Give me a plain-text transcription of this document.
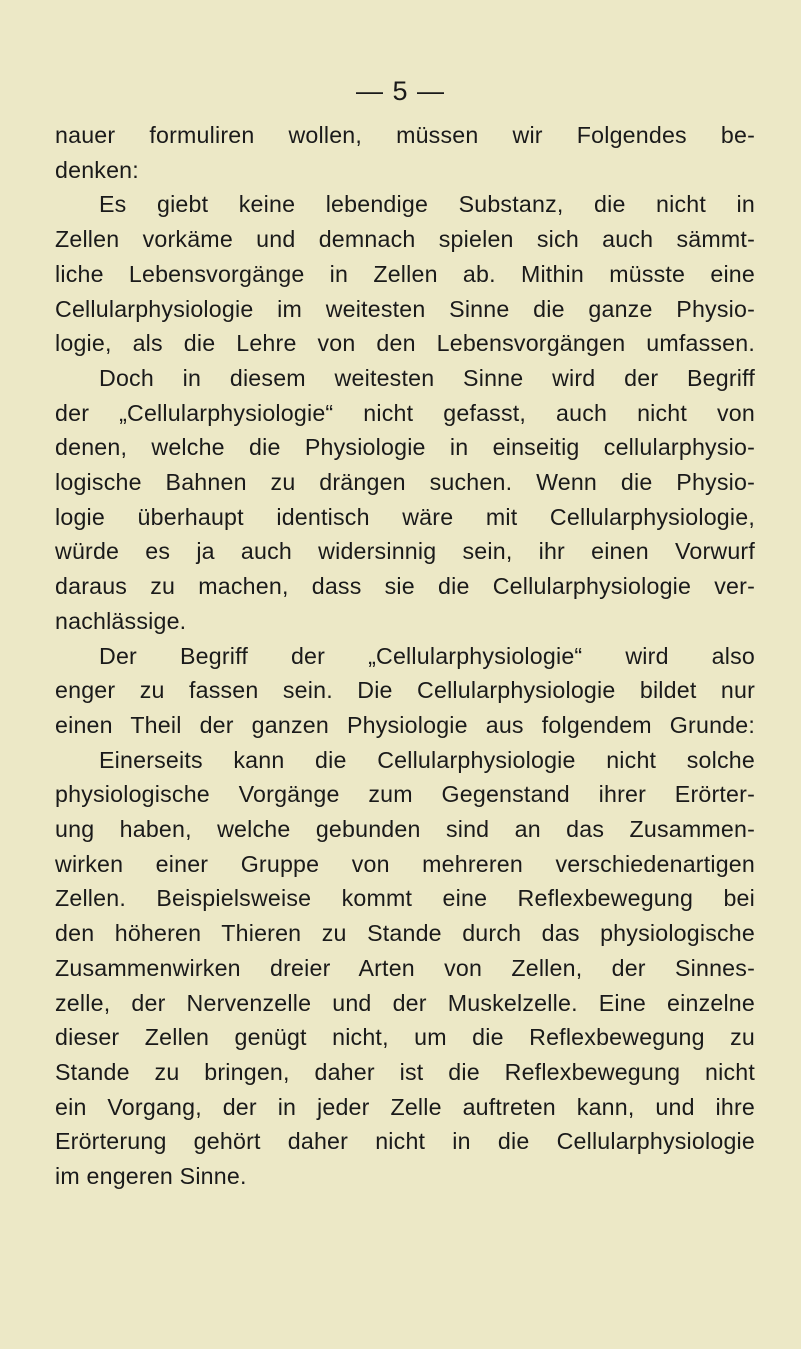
— 5 —
nauer formuliren wollen, müssen wir Folgendes be-
denken:
Es giebt keine lebendige Substanz, die nicht in
Zellen vorkäme und demnach spielen sich auch sämmt-
liche Lebensvorgänge in Zellen ab. Mithin müsste eine
Cellularphysiologie im weitesten Sinne die ganze Physio-
logie, als die Lehre von den Lebensvorgängen umfassen.
Doch in diesem weitesten Sinne wird der Begriff
der „Cellularphysiologie“ nicht gefasst, auch nicht von
denen, welche die Physiologie in einseitig cellularphysio-
logische Bahnen zu drängen suchen. Wenn die Physio-
logie überhaupt identisch wäre mit Cellularphysiologie,
würde es ja auch widersinnig sein, ihr einen Vorwurf
daraus zu machen, dass sie die Cellularphysiologie ver-
nachlässige.
Der Begriff der „Cellularphysiologie“ wird also
enger zu fassen sein. Die Cellularphysiologie bildet nur
einen Theil der ganzen Physiologie aus folgendem Grunde:
Einerseits kann die Cellularphysiologie nicht solche
physiologische Vorgänge zum Gegenstand ihrer Erörter-
ung haben, welche gebunden sind an das Zusammen-
wirken einer Gruppe von mehreren verschiedenartigen
Zellen. Beispielsweise kommt eine Reflexbewegung bei
den höheren Thieren zu Stande durch das physiologische
Zusammenwirken dreier Arten von Zellen, der Sinnes-
zelle, der Nervenzelle und der Muskelzelle. Eine einzelne
dieser Zellen genügt nicht, um die Reflexbewegung zu
Stande zu bringen, daher ist die Reflexbewegung nicht
ein Vorgang, der in jeder Zelle auftreten kann, und ihre
Erörterung gehört daher nicht in die Cellularphysiologie
im engeren Sinne.
